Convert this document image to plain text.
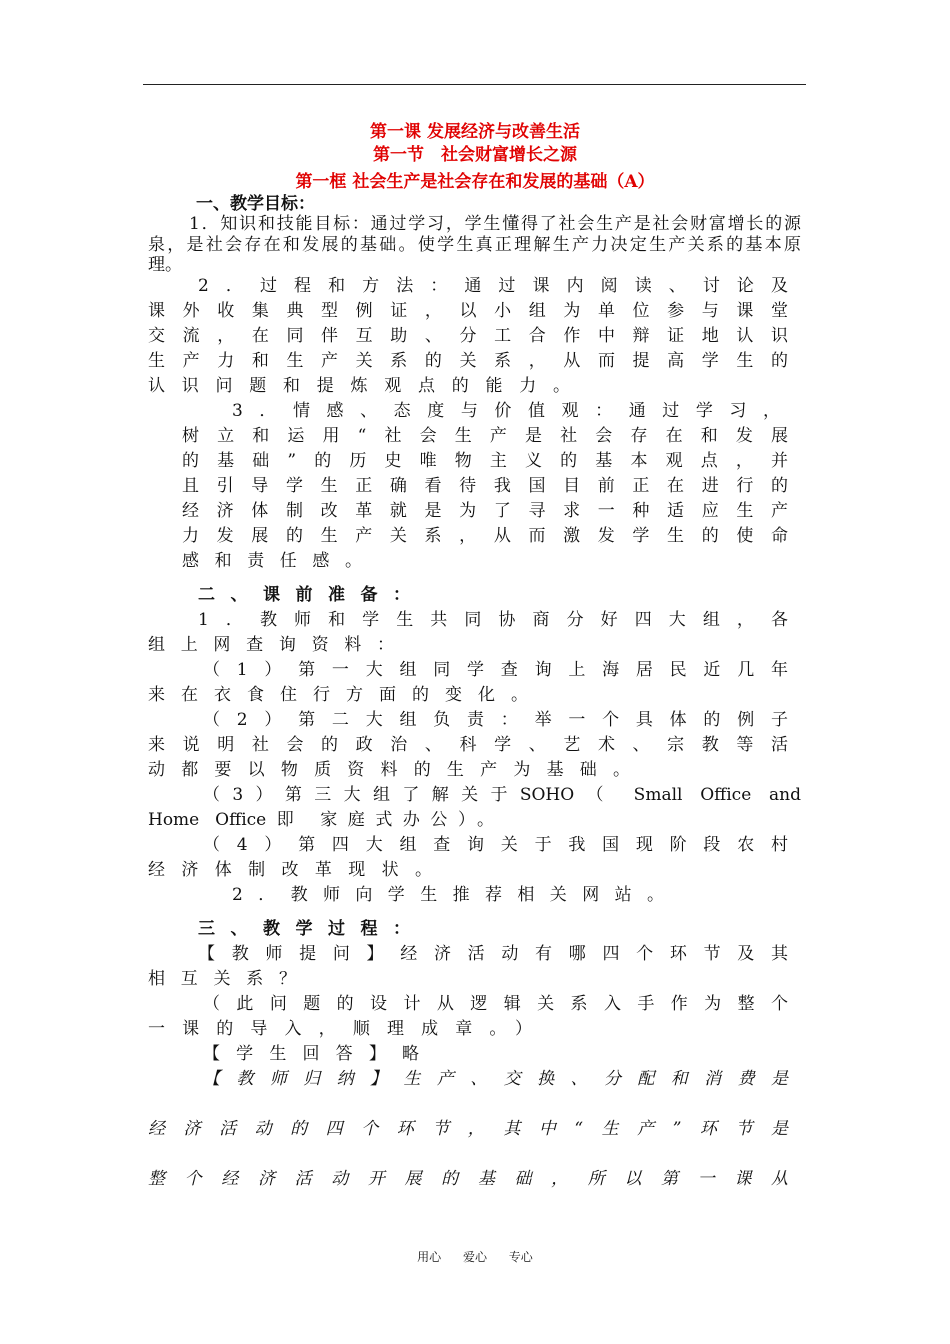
第一课 发展经济与改善生活
第一节　社会财富增长之源
第一框 社会生产是社会存在和发展的基础（A）
一、教学目标：
1．知识和技能目标：通过学习，学生懂得了社会生产是社会财富增长的源
泉，是社会存在和发展的基础。使学生真正理解生产力决定生产关系的基本原
理。
2．过程和方法：通过课内阅读、讨论及
课外收集典型例证，以小组为单位参与课堂
交流，在同伴互助、分工合作中辩证地认识
生产力和生产关系的关系，从而提高学生的
认识问题和提炼观点的能力。
3．情感、态度与价值观：通过学习，
树立和运用“社会生产是社会存在和发展
的基础”的历史唯物主义的基本观点，并
且引导学生正确看待我国目前正在进行的
经济体制改革就是为了寻求一种适应生产
力发展的生产关系，从而激发学生的使命
感和责任感。
二、课前准备：
1．教师和学生共同协商分好四大组，各
组上网查询资料：
（1）第一大组同学查询上海居民近几年
来在衣食住行方面的变化。
（2）第二大组负责：举一个具体的例子
来说明社会的政治、科学、艺术、宗教等活
动都要以物质资料的生产为基础。
（3）第三大组了解关于SOHO（ Small Office and
Home Office即 家庭式办公）。
（4）第四大组查询关于我国现阶段农村
经济体制改革现状。
2．教师向学生推荐相关网站。
三、教学过程：
【教师提问】经济活动有哪四个环节及其
相互关系？
（此问题的设计从逻辑关系入手作为整个
一课的导入，顺理成章。）
【学生回答】略
【教师归纳】生产、交换、分配和消费是
经济活动的四个环节，其中“生产”环节是
整个经济活动开展的基础，所以第一课从
用心 爱心 专心
